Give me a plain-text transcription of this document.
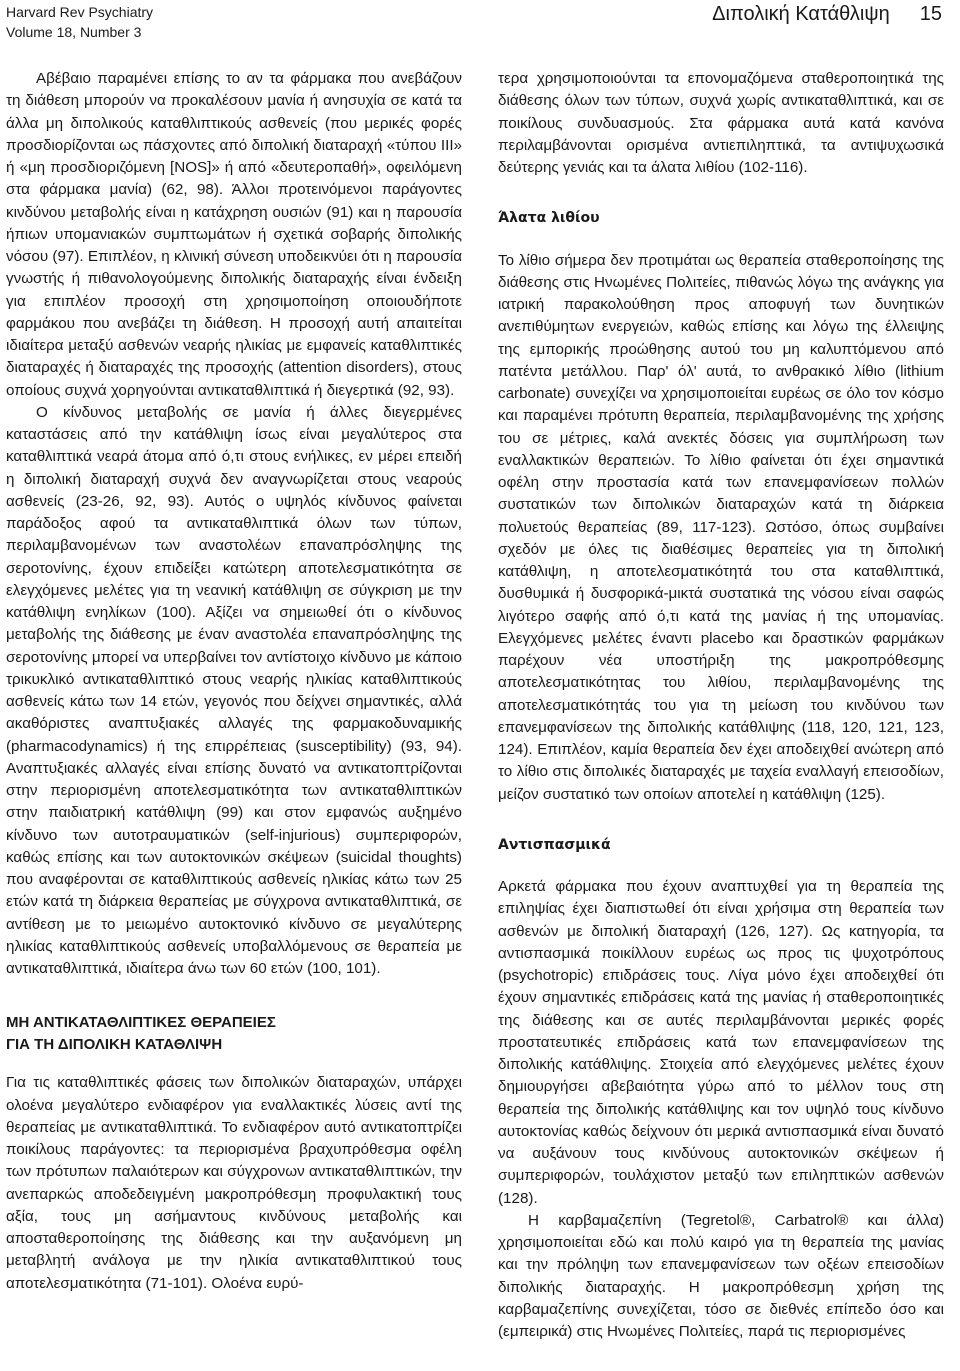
Harvard Rev Psychiatry
Volume 18, Number 3
Διπολική Κατάθλιψη 15

Αβέβαιο παραμένει επίσης το αν τα φάρμακα που ανεβάζουν τη διάθεση μπορούν να προκαλέσουν μανία ή ανησυχία σε κατά τα άλλα μη διπολικούς καταθλιπτικούς ασθενείς (που μερικές φορές προσδιορίζονται ως πάσχοντες από διπολική διαταραχή «τύπου ΙΙΙ» ή «μη προσδιοριζόμενη [NOS]» ή από «δευτεροπαθή», οφειλόμενη στα φάρμακα μανία) (62, 98). Άλλοι προτεινόμενοι παράγοντες κινδύνου μεταβολής είναι η κατάχρηση ουσιών (91) και η παρουσία ήπιων υπομανιακών συμπτωμάτων ή σχετικά σοβαρής διπολικής νόσου (97). Επιπλέον, η κλινική σύνεση υποδεικνύει ότι η παρουσία γνωστής ή πιθανολογούμενης διπολικής διαταραχής είναι ένδειξη για επιπλέον προσοχή στη χρησιμοποίηση οποιουδήποτε φαρμάκου που ανεβάζει τη διάθεση. Η προσοχή αυτή απαιτείται ιδιαίτερα μεταξύ ασθενών νεαρής ηλικίας με εμφανείς καταθλιπτικές διαταραχές ή διαταραχές της προσοχής (attention disorders), στους οποίους συχνά χορηγούνται αντικαταθλιπτικά ή διεγερτικά (92, 93).

Ο κίνδυνος μεταβολής σε μανία ή άλλες διεγερμένες καταστάσεις από την κατάθλιψη ίσως είναι μεγαλύτερος στα καταθλιπτικά νεαρά άτομα από ό,τι στους ενήλικες, εν μέρει επειδή η διπολική διαταραχή συχνά δεν αναγνωρίζεται στους νεαρούς ασθενείς (23-26, 92, 93). Αυτός ο υψηλός κίνδυνος φαίνεται παράδοξος αφού τα αντικαταθλιπτικά όλων των τύπων, περιλαμβανομένων των αναστολέων επαναπρόσληψης της σεροτονίνης, έχουν επιδείξει κατώτερη αποτελεσματικότητα σε ελεγχόμενες μελέτες για τη νεανική κατάθλιψη σε σύγκριση με την κατάθλιψη ενηλίκων (100). Αξίζει να σημειωθεί ότι ο κίνδυνος μεταβολής της διάθεσης με έναν αναστολέα επαναπρόσληψης της σεροτονίνης μπορεί να υπερβαίνει τον αντίστοιχο κίνδυνο με κάποιο τρικυκλικό αντικαταθλιπτικό στους νεαρής ηλικίας καταθλιπτικούς ασθενείς κάτω των 14 ετών, γεγονός που δείχνει σημαντικές, αλλά ακαθόριστες αναπτυξιακές αλλαγές της φαρμακοδυναμικής (pharmacodynamics) ή της επιρρέπειας (susceptibility) (93, 94). Αναπτυξιακές αλλαγές είναι επίσης δυνατό να αντικατοπτρίζονται στην περιορισμένη αποτελεσματικότητα των αντικαταθλιπτικών στην παιδιατρική κατάθλιψη (99) και στον εμφανώς αυξημένο κίνδυνο των αυτοτραυματικών (self-injurious) συμπεριφορών, καθώς επίσης και των αυτοκτονικών σκέψεων (suicidal thoughts) που αναφέρονται σε καταθλιπτικούς ασθενείς ηλικίας κάτω των 25 ετών κατά τη διάρκεια θεραπείας με σύγχρονα αντικαταθλιπτικά, σε αντίθεση με το μειωμένο αυτοκτονικό κίνδυνο σε μεγαλύτερης ηλικίας καταθλιπτικούς ασθενείς υποβαλλόμενους σε θεραπεία με αντικαταθλιπτικά, ιδιαίτερα άνω των 60 ετών (100, 101).

ΜΗ ΑΝΤΙΚΑΤΑΘΛΙΠΤΙΚΕΣ ΘΕΡΑΠΕΙΕΣ

ΓΙΑ ΤΗ ΔΙΠΟΛΙΚΗ ΚΑΤΑΘΛΙΨΗ

Για τις καταθλιπτικές φάσεις των διπολικών διαταραχών, υπάρχει ολοένα μεγαλύτερο ενδιαφέρον για εναλλακτικές λύσεις αντί της θεραπείας με αντικαταθλιπτικά. Το ενδιαφέρον αυτό αντικατοπτρίζει ποικίλους παράγοντες: τα περιορισμένα βραχυπρόθεσμα οφέλη των πρότυπων παλαιότερων και σύγχρονων αντικαταθλιπτικών, την ανεπαρκώς αποδεδειγμένη μακροπρόθεσμη προφυλακτική τους αξία, τους μη ασήμαντους κινδύνους μεταβολής και αποσταθεροποίησης της διάθεσης και την αυξανόμενη μη μεταβλητή ανάλογα με την ηλικία αντικαταθλιπτικού τους αποτελεσματικότητα (71-101). Ολοένα ευρύ-

τερα χρησιμοποιούνται τα επονομαζόμενα σταθεροποιητικά της διάθεσης όλων των τύπων, συχνά χωρίς αντικαταθλιπτικά, και σε ποικίλους συνδυασμούς. Στα φάρμακα αυτά κατά κανόνα περιλαμβάνονται ορισμένα αντιεπιληπτικά, τα αντιψυχωσικά δεύτερης γενιάς και τα άλατα λιθίου (102-116).

Άλατα λιθίου

Το λίθιο σήμερα δεν προτιμάται ως θεραπεία σταθεροποίησης της διάθεσης στις Ηνωμένες Πολιτείες, πιθανώς λόγω της ανάγκης για ιατρική παρακολούθηση προς αποφυγή των δυνητικών ανεπιθύμητων ενεργειών, καθώς επίσης και λόγω της έλλειψης της εμπορικής προώθησης αυτού του μη καλυπτόμενου από πατέντα μετάλλου. Παρ' όλ' αυτά, το ανθρακικό λίθιο (lithium carbonate) συνεχίζει να χρησιμοποιείται ευρέως σε όλο τον κόσμο και παραμένει πρότυπη θεραπεία, περιλαμβανομένης της χρήσης του σε μέτριες, καλά ανεκτές δόσεις για συμπλήρωση των εναλλακτικών θεραπειών. Το λίθιο φαίνεται ότι έχει σημαντικά οφέλη στην προστασία κατά των επανεμφανίσεων πολλών συστατικών των διπολικών διαταραχών κατά τη διάρκεια πολυετούς θεραπείας (89, 117-123). Ωστόσο, όπως συμβαίνει σχεδόν με όλες τις διαθέσιμες θεραπείες για τη διπολική κατάθλιψη, η αποτελεσματικότητά του στα καταθλιπτικά, δυσθυμικά ή δυσφορικά-μικτά συστατικά της νόσου είναι σαφώς λιγότερο σαφής από ό,τι κατά της μανίας ή της υπομανίας. Ελεγχόμενες μελέτες έναντι placebo και δραστικών φαρμάκων παρέχουν νέα υποστήριξη της μακροπρόθεσμης αποτελεσματικότητας του λιθίου, περιλαμβανομένης της αποτελεσματικότητάς του για τη μείωση του κινδύνου των επανεμφανίσεων της διπολικής κατάθλιψης (118, 120, 121, 123, 124). Επιπλέον, καμία θεραπεία δεν έχει αποδειχθεί ανώτερη από το λίθιο στις διπολικές διαταραχές με ταχεία εναλλαγή επεισοδίων, μείζον συστατικό των οποίων αποτελεί η κατάθλιψη (125).

Αντισπασμικά

Αρκετά φάρμακα που έχουν αναπτυχθεί για τη θεραπεία της επιληψίας έχει διαπιστωθεί ότι είναι χρήσιμα στη θεραπεία των ασθενών με διπολική διαταραχή (126, 127). Ως κατηγορία, τα αντισπασμικά ποικίλλουν ευρέως ως προς τις ψυχοτρόπους (psychotropic) επιδράσεις τους. Λίγα μόνο έχει αποδειχθεί ότι έχουν σημαντικές επιδράσεις κατά της μανίας ή σταθεροποιητικές της διάθεσης και σε αυτές περιλαμβάνονται μερικές φορές προστατευτικές επιδράσεις κατά των επανεμφανίσεων της διπολικής κατάθλιψης. Στοιχεία από ελεγχόμενες μελέτες έχουν δημιουργήσει αβεβαιότητα γύρω από το μέλλον τους στη θεραπεία της διπολικής κατάθλιψης και τον υψηλό τους κίνδυνο αυτοκτονίας καθώς δείχνουν ότι μερικά αντισπασμικά είναι δυνατό να αυξάνουν τους κινδύνους αυτοκτονικών σκέψεων ή συμπεριφορών, τουλάχιστον μεταξύ των επιληπτικών ασθενών (128).

Η καρβαμαζεπίνη (Tegretol®, Carbatrol® και άλλα) χρησιμοποιείται εδώ και πολύ καιρό για τη θεραπεία της μανίας και την πρόληψη των επανεμφανίσεων των οξέων επεισοδίων διπολικής διαταραχής. Η μακροπρόθεσμη χρήση της καρβαμαζεπίνης συνεχίζεται, τόσο σε διεθνές επίπεδο όσο και (εμπειρικά) στις Ηνωμένες Πολιτείες, παρά τις περιορισμένες
